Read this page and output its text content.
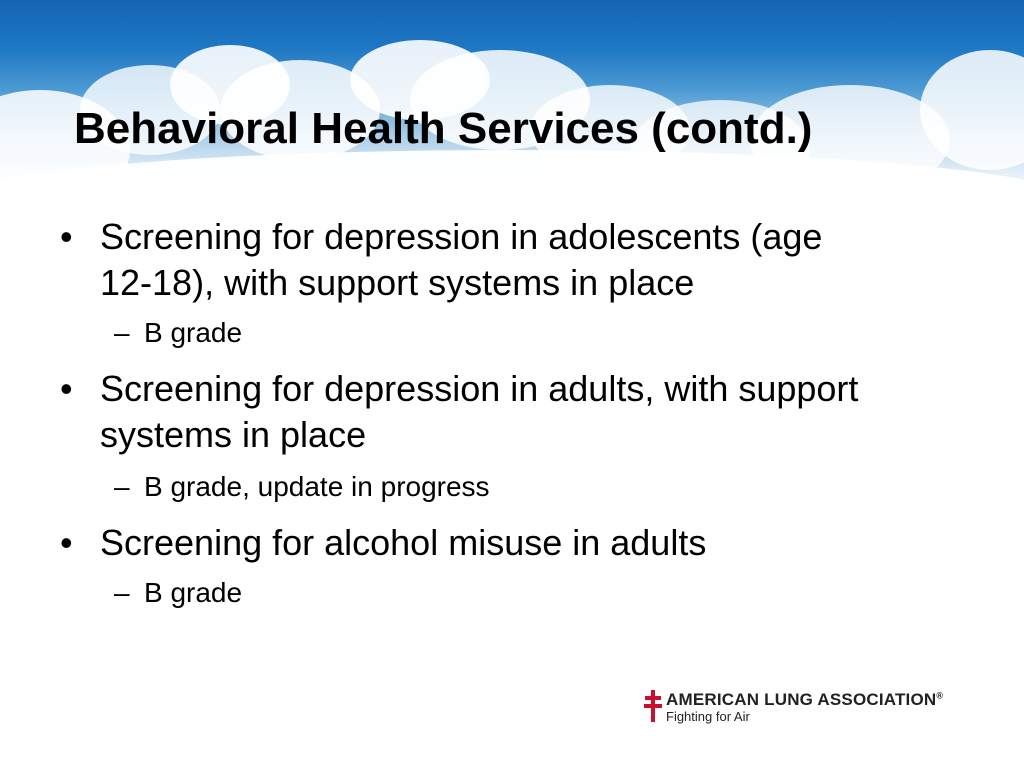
Behavioral Health Services (contd.)
• Screening for depression in adolescents (age
12-18), with support systems in place
– B grade
• Screening for depression in adults, with support
systems in place
– B grade, update in progress
• Screening for alcohol misuse in adults
– B grade
AMERICAN LUNG ASSOCIATION®
Fighting for Air
